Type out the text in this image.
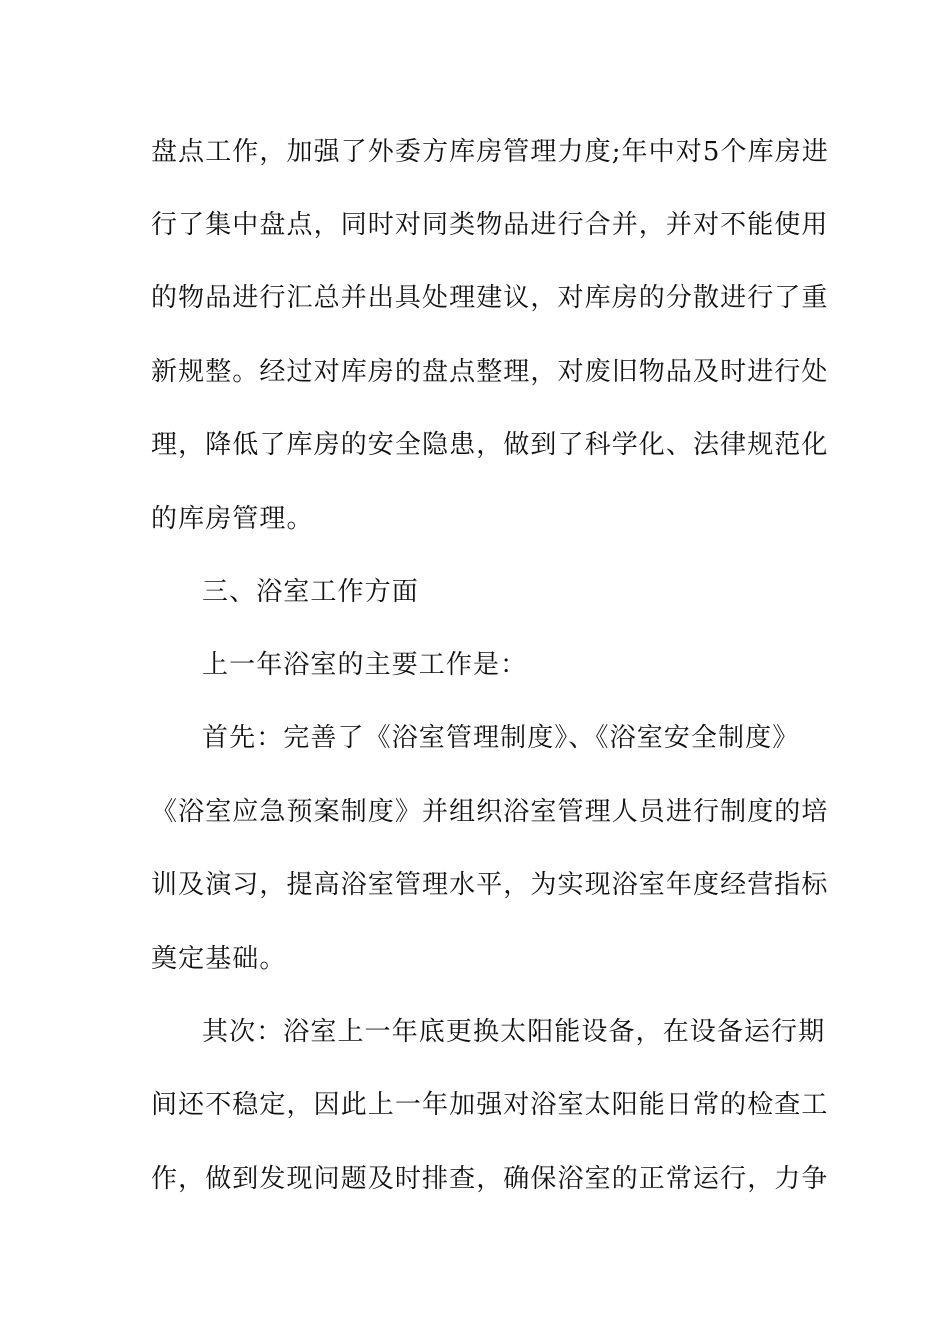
盘点工作，加强了外委方库房管理力度;年中对5个库房进
行了集中盘点，同时对同类物品进行合并，并对不能使用
的物品进行汇总并出具处理建议，对库房的分散进行了重
新规整。经过对库房的盘点整理，对废旧物品及时进行处
理，降低了库房的安全隐患，做到了科学化、法律规范化
的库房管理。
三、浴室工作方面
上一年浴室的主要工作是：
首先：完善了《浴室管理制度》、《浴室安全制度》
《浴室应急预案制度》并组织浴室管理人员进行制度的培
训及演习，提高浴室管理水平，为实现浴室年度经营指标
奠定基础。
其次：浴室上一年底更换太阳能设备，在设备运行期
间还不稳定，因此上一年加强对浴室太阳能日常的检查工
作，做到发现问题及时排查，确保浴室的正常运行，力争
